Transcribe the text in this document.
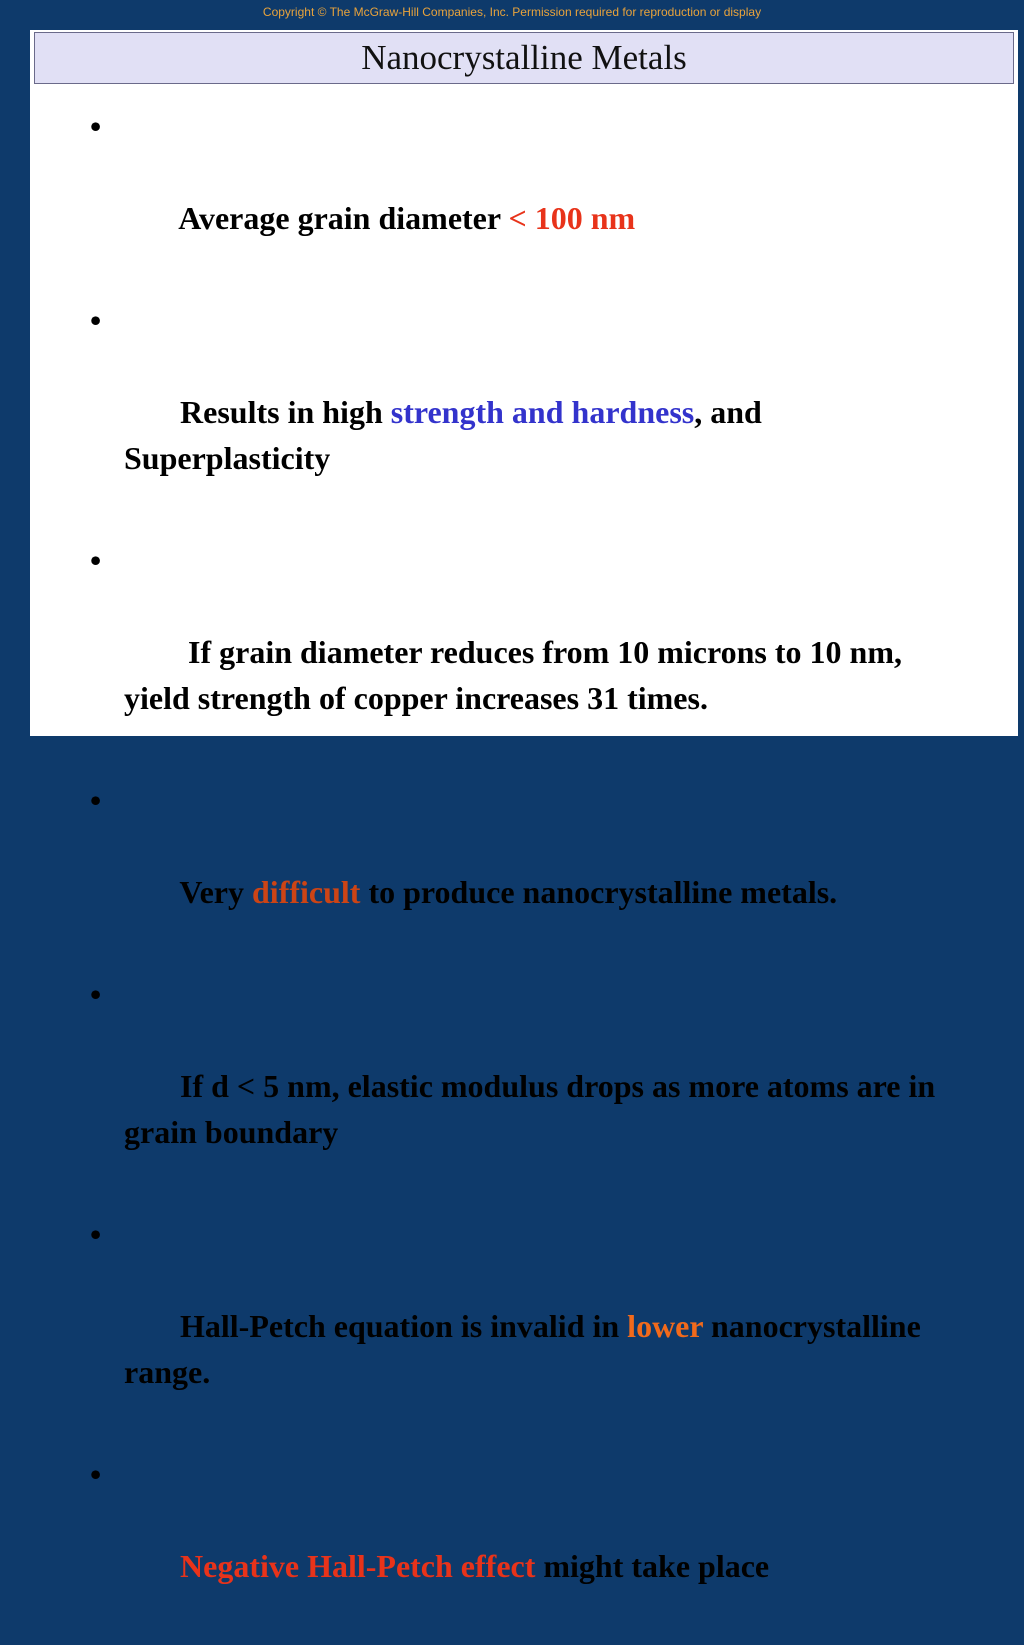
Copyright © The McGraw-Hill Companies, Inc. Permission required for reproduction or display
Nanocrystalline Metals

•

Average grain diameter < 100 nm

•

Results in high strength and hardness, and Superplasticity

•

If grain diameter reduces from 10 microns to 10 nm, yield strength of copper increases 31 times.

•

Very difficult to produce nanocrystalline metals.

•

If d < 5 nm, elastic modulus drops as more atoms are in grain boundary

•

Hall-Petch equation is invalid in lower nanocrystalline range.

•

Negative Hall-Petch effect might take place
